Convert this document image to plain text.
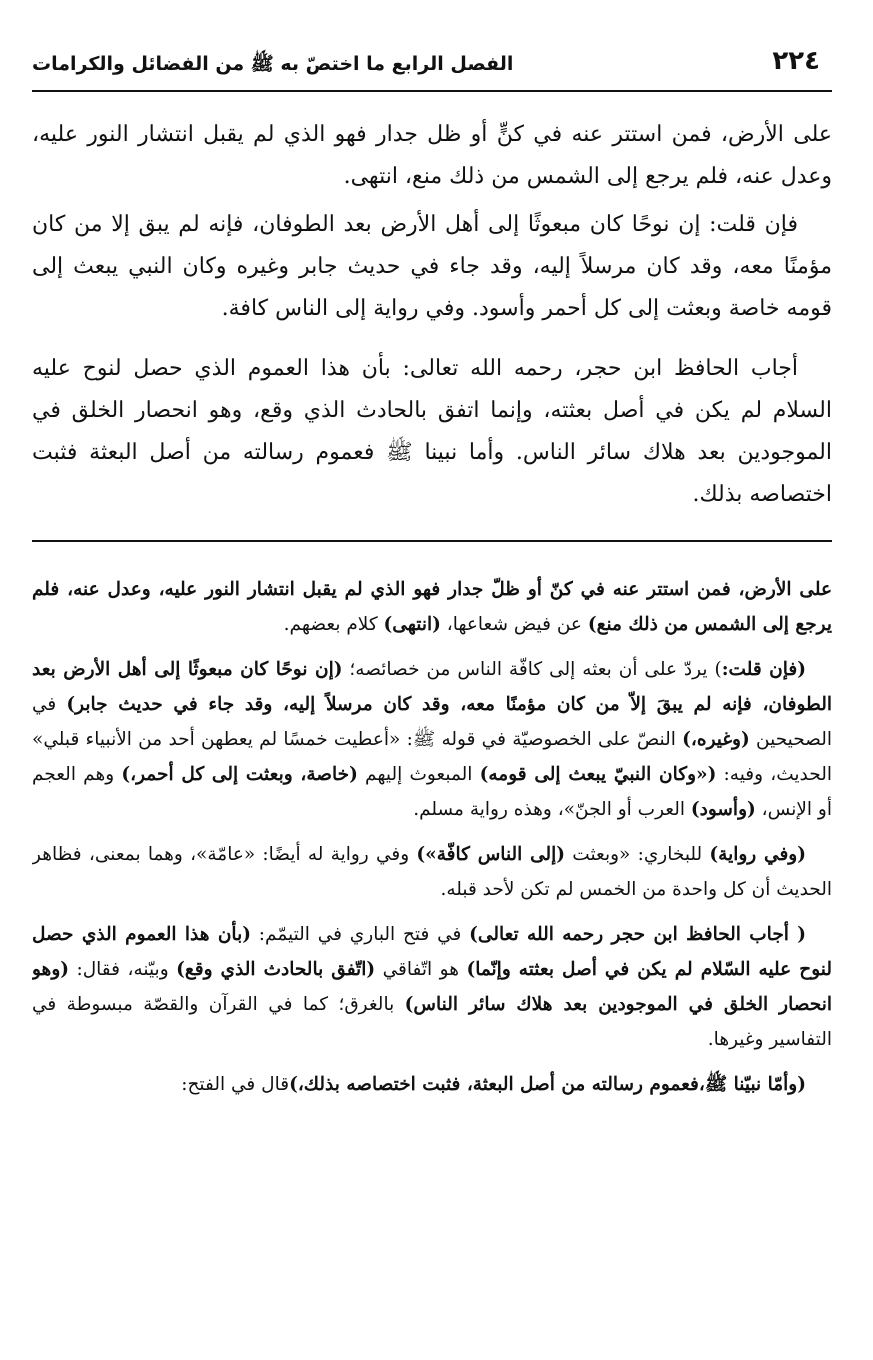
٢٢٤
الفصل الرابع ما اختصّ به ﷺ من الفضائل والكرامات

على الأرض، فمن استتر عنه في كنٍّ أو ظل جدار فهو الذي لم يقبل انتشار النور عليه، وعدل عنه، فلم يرجع إلى الشمس من ذلك منع، انتهى.

فإن قلت: إن نوحًا كان مبعوثًا إلى أهل الأرض بعد الطوفان، فإنه لم يبق إلا من كان مؤمنًا معه، وقد كان مرسلاً إليه، وقد جاء في حديث جابر وغيره وكان النبي يبعث إلى قومه خاصة وبعثت إلى كل أحمر وأسود. وفي رواية إلى الناس كافة.

أجاب الحافظ ابن حجر، رحمه الله تعالى: بأن هذا العموم الذي حصل لنوح عليه السلام لم يكن في أصل بعثته، وإنما اتفق بالحادث الذي وقع، وهو انحصار الخلق في الموجودين بعد هلاك سائر الناس. وأما نبينا ﷺ فعموم رسالته من أصل البعثة فثبت اختصاصه بذلك.

على الأرض، فمن استتر عنه في كنّ أو ظلّ جدار فهو الذي لم يقبل انتشار النور عليه، وعدل عنه، فلم يرجع إلى الشمس من ذلك منع) عن فيض شعاعها، (انتهى) كلام بعضهم.

(فإن قلت:) يردّ على أن بعثه إلى كافّة الناس من خصائصه؛ (إن نوحًا كان مبعوثًا إلى أهل الأرض بعد الطوفان، فإنه لم يبقَ إلاّ من كان مؤمنًا معه، وقد كان مرسلاً إليه، وقد جاء في حديث جابر) في الصحيحين (وغيره،) النصّ على الخصوصيّة في قوله ﷺ: «أعطيت خمسًا لم يعطهن أحد من الأنبياء قبلي» الحديث، وفيه: («وكان النبيّ يبعث إلى قومه) المبعوث إليهم (خاصة، وبعثت إلى كل أحمر،) وهم العجم أو الإنس، (وأسود) العرب أو الجنّ»، وهذه رواية مسلم.

(وفي رواية) للبخاري: «وبعثت (إلى الناس كافّة») وفي رواية له أيضًا: «عامّة»، وهما بمعنى، فظاهر الحديث أن كل واحدة من الخمس لم تكن لأحد قبله.

( أجاب الحافظ ابن حجر رحمه الله تعالى) في فتح الباري في التيمّم: (بأن هذا العموم الذي حصل لنوح عليه السّلام لم يكن في أصل بعثته وإنّما) هو اتّفاقي (اتّفق بالحادث الذي وقع) وبيّنه، فقال: (وهو انحصار الخلق في الموجودين بعد هلاك سائر الناس) بالغرق؛ كما في القرآن والقصّة مبسوطة في التفاسير وغيرها.

(وأمّا نبيّنا ﷺ،فعموم رسالته من أصل البعثة، فثبت اختصاصه بذلك،)قال في الفتح:
